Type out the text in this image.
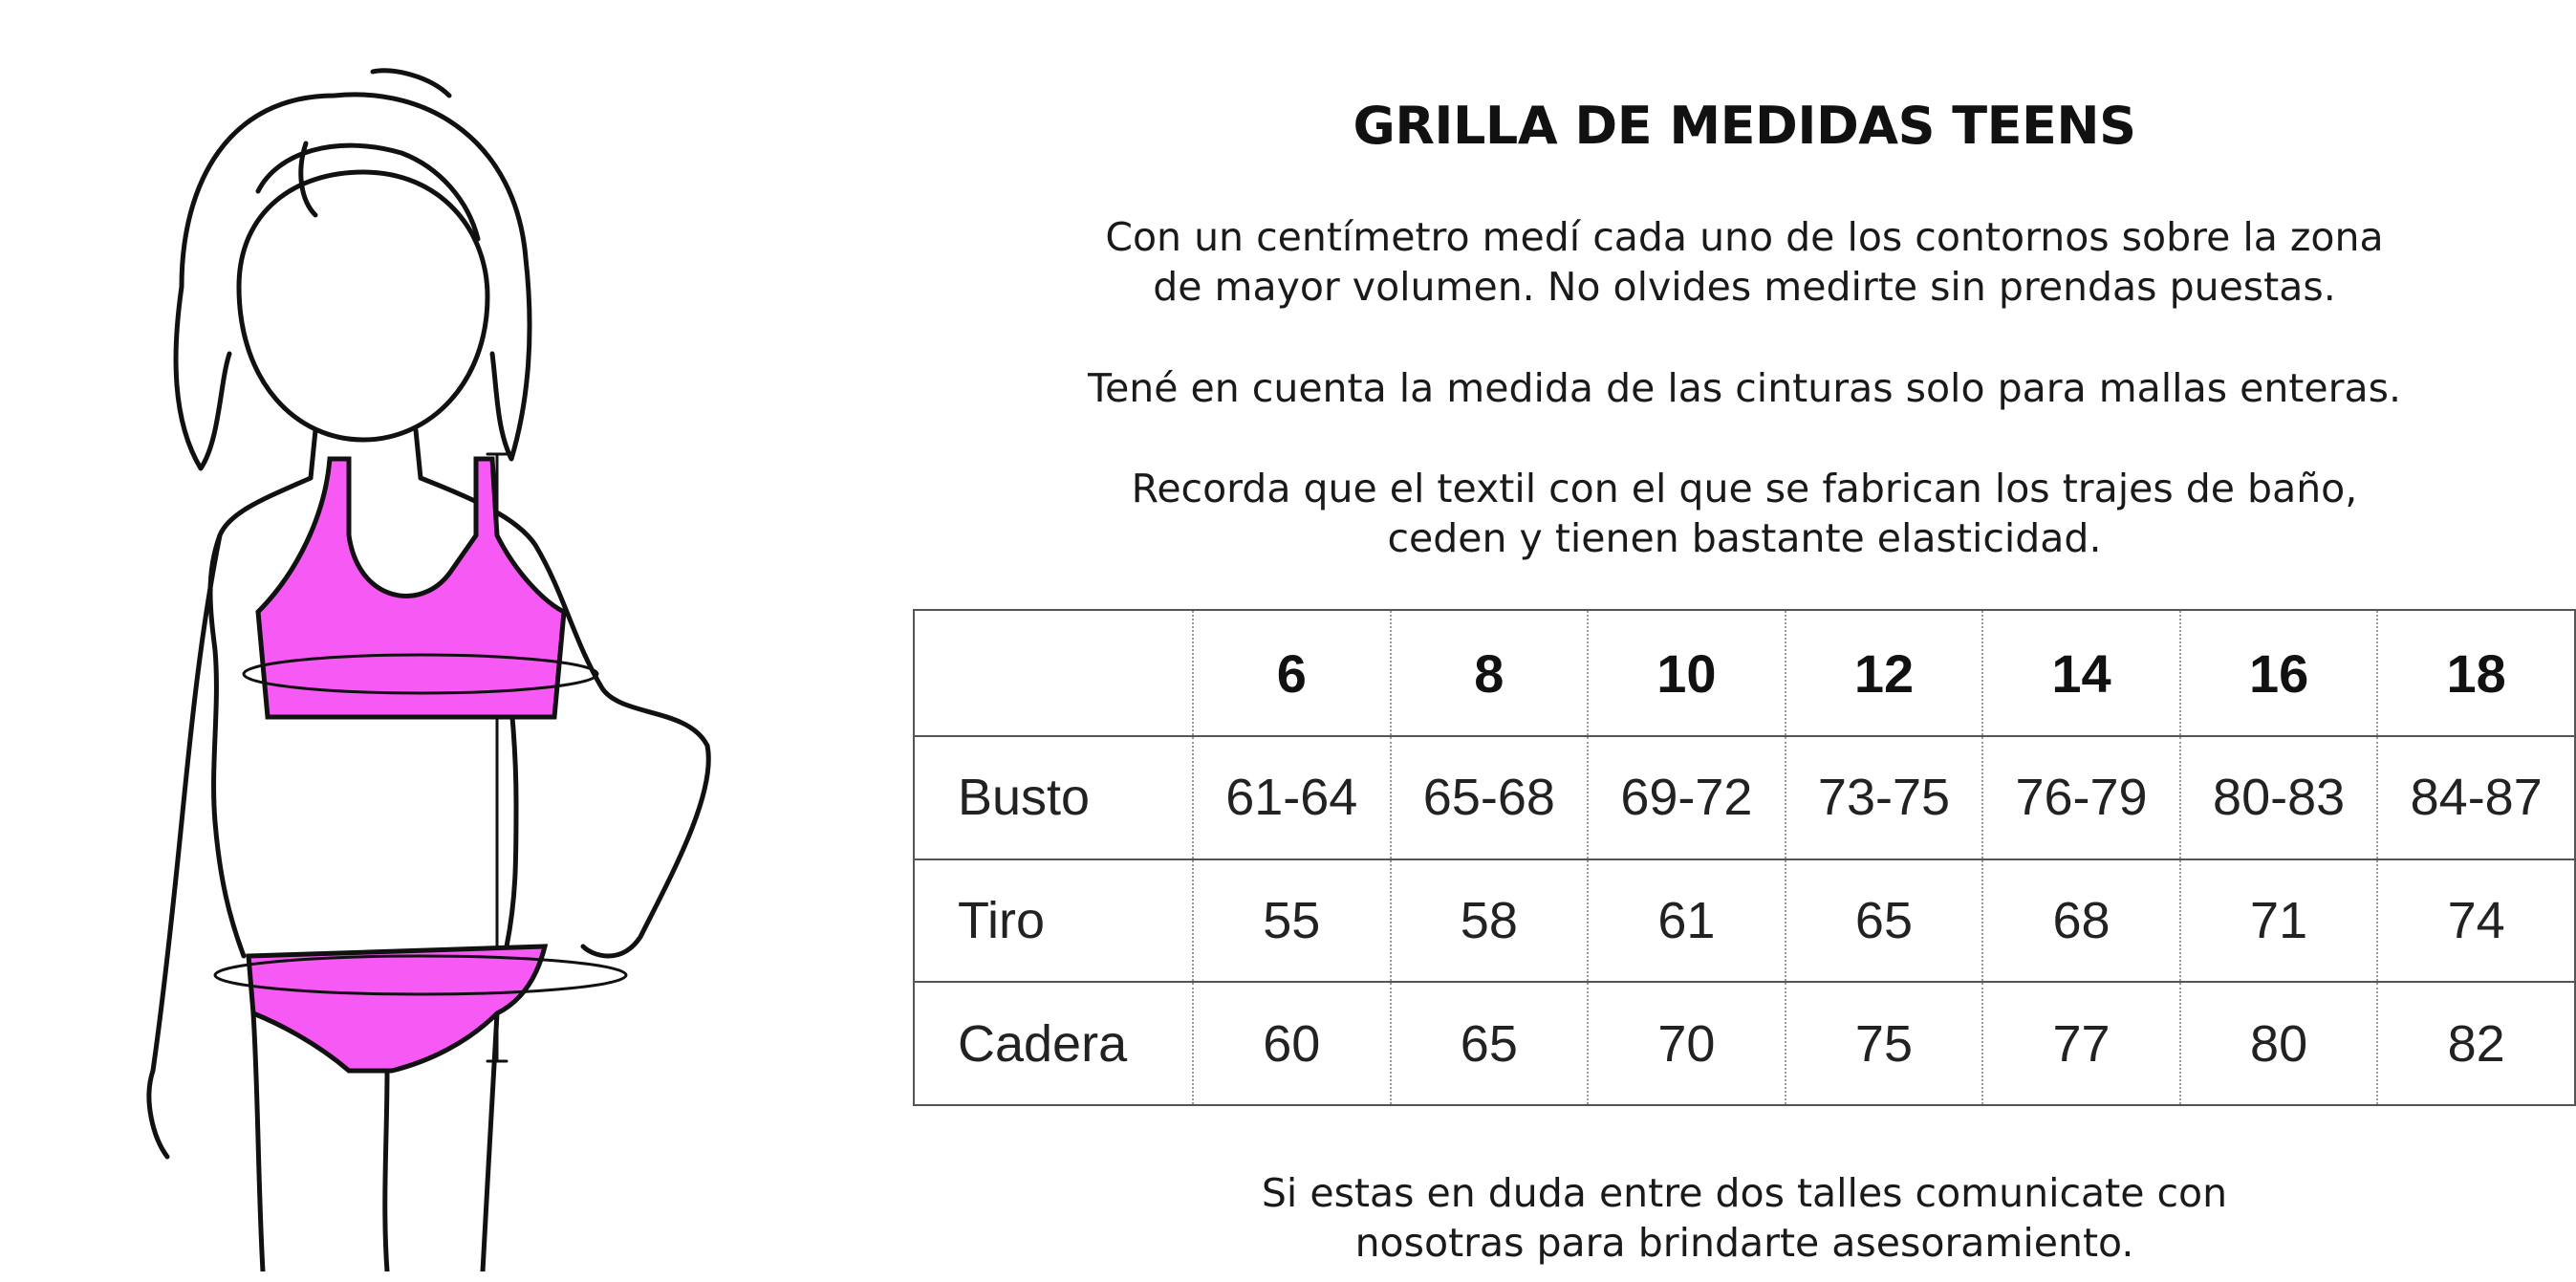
GRILLA DE MEDIDAS TEENS
Con un centímetro medí cada uno de los contornos sobre la zona
de mayor volumen. No olvides medirte sin prendas puestas.
Tené en cuenta la medida de las cinturas solo para mallas enteras.
Recorda que el textil con el que se fabrican los trajes de baño,
ceden y tienen bastante elasticidad.
	6	8	10	12	14	16	18
Busto	61-64	65-68	69-72	73-75	76-79	80-83	84-87
Tiro	55	58	61	65	68	71	74
Cadera	60	65	70	75	77	80	82
Si estas en duda entre dos talles comunicate con
nosotras para brindarte asesoramiento.
